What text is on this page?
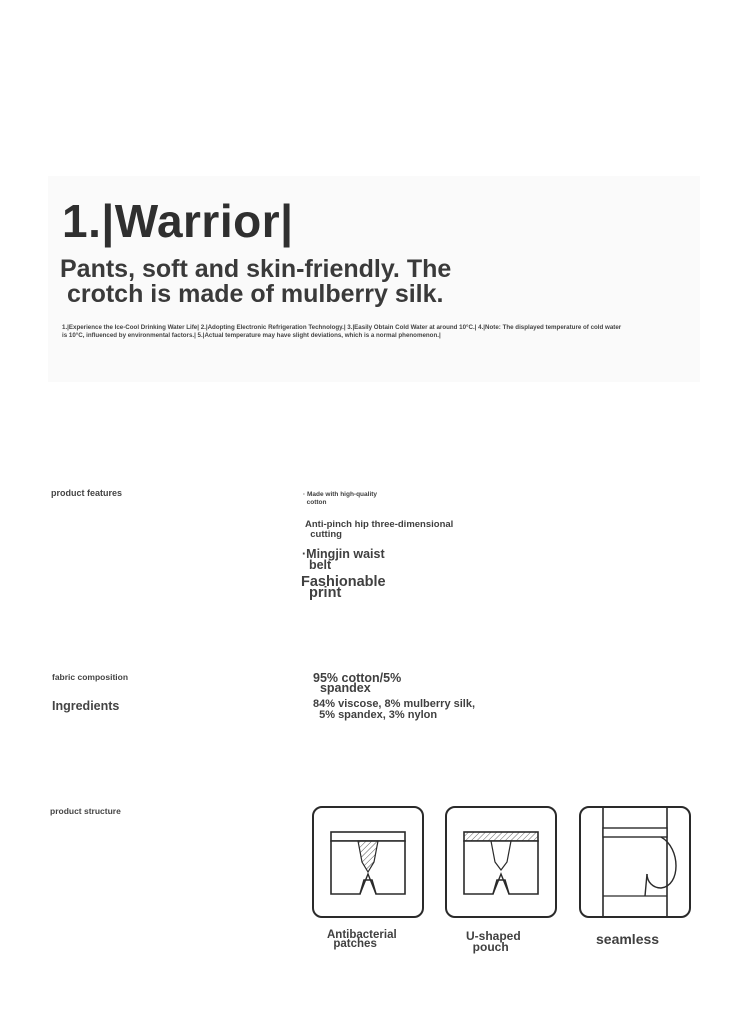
1.|Warrior|
Pants, soft and skin-friendly. The
crotch is made of mulberry silk.
1.|Experience the Ice-Cool Drinking Water Life| 2.|Adopting Electronic Refrigeration Technology.| 3.|Easily Obtain Cold Water at around 10°C.| 4.|Note: The displayed temperature of cold water is 10°C, influenced by environmental factors.| 5.|Actual temperature may have slight deviations, which is a normal phenomenon.|
product features	· Made with high-quality
cotton
Anti-pinch hip three-dimensional
cutting
·Mingjin waist
belt
Fashionable
print
fabric composition	95% cotton/5%
spandex
Ingredients	84% viscose, 8% mulberry silk,
5% spandex, 3% nylon
product structure
Antibacterial
patches
U-shaped
pouch	seamless
